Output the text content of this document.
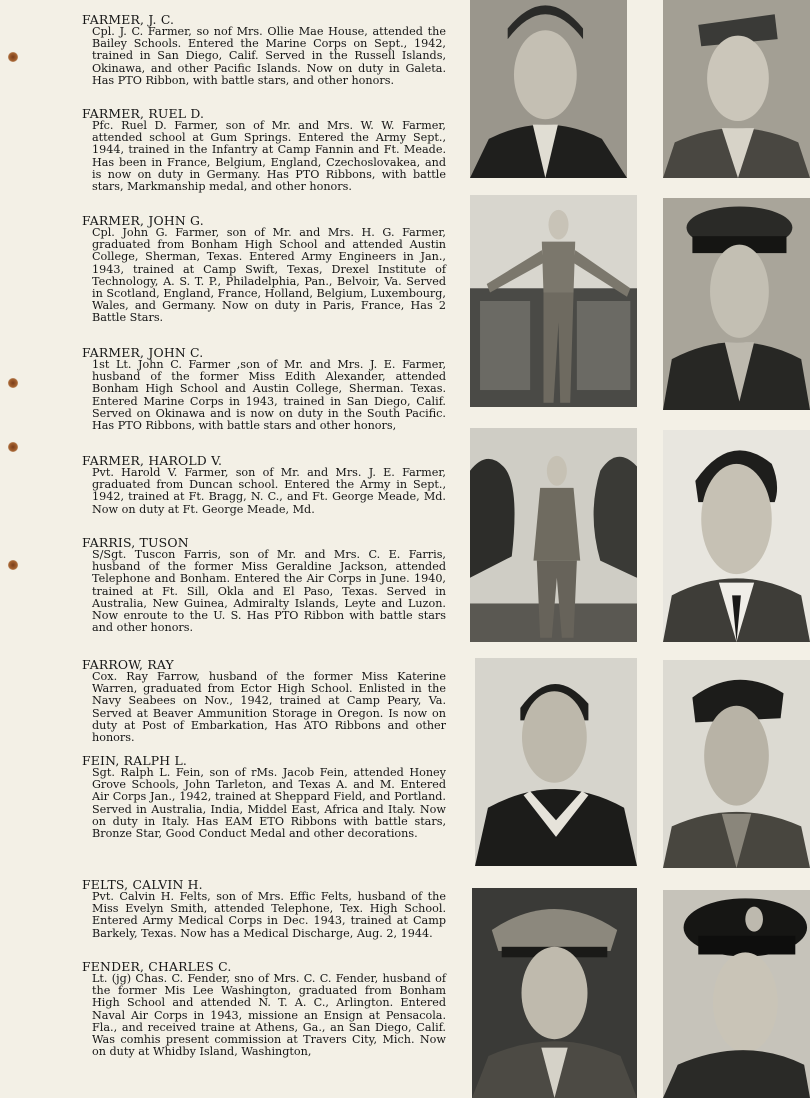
FARMER, J. C.
Cpl. J. C. Farmer, so nof Mrs. Ollie Mae House, attended the Bailey Schools. Entered the Marine Corps on Sept., 1942, trained in San Diego, Calif. Served in the Russell Islands, Okinawa, and other Pacific Islands. Now on duty in Galeta. Has PTO Ribbon, with battle stars, and other honors.
FARMER, RUEL D.
Pfc. Ruel D. Farmer, son of Mr. and Mrs. W. W. Farmer, attended school at Gum Springs. Entered the Army Sept., 1944, trained in the Infantry at Camp Fannin and Ft. Meade. Has been in France, Belgium, England, Czechoslovakea, and is now on duty in Germany. Has PTO Ribbons, with battle stars, Markmanship medal, and other honors.
FARMER, JOHN G.
Cpl. John G. Farmer, son of Mr. and Mrs. H. G. Farmer, graduated from Bonham High School and attended Austin College, Sherman, Texas. Entered Army Engineers in Jan., 1943, trained at Camp Swift, Texas, Drexel Institute of Technology, A. S. T. P., Philadelphia, Pan., Belvoir, Va. Served in Scotland, England, France, Holland, Belgium, Luxembourg, Wales, and Germany. Now on duty in Paris, France, Has 2 Battle Stars.
FARMER, JOHN C.
1st Lt. John C. Farmer ,son of Mr. and Mrs. J. E. Farmer, husband of the former Miss Edith Alexander, attended Bonham High School and Austin College, Sherman. Texas. Entered Marine Corps in 1943, trained in San Diego, Calif. Served on Okinawa and is now on duty in the South Pacific. Has PTO Ribbons, with battle stars and other honors,
FARMER, HAROLD V.
Pvt. Harold V. Farmer, son of Mr. and Mrs. J. E. Farmer, graduated from Duncan school. Entered the Army in Sept., 1942, trained at Ft. Bragg, N. C., and Ft. George Meade, Md. Now on duty at Ft. George Meade, Md.
FARRIS, TUSON
S/Sgt. Tuscon Farris, son of Mr. and Mrs. C. E. Farris, husband of the former Miss Geraldine Jackson, attended Telephone and Bonham. Entered the Air Corps in June. 1940, trained at Ft. Sill, Okla and El Paso, Texas. Served in Australia, New Guinea, Admiralty Islands, Leyte and Luzon. Now enroute to the U. S. Has PTO Ribbon with battle stars and other honors.
FARROW, RAY
Cox. Ray Farrow, husband of the former Miss Katerine Warren, graduated from Ector High School. Enlisted in the Navy Seabees on Nov., 1942, trained at Camp Peary, Va. Served at Beaver Ammunition Storage in Oregon. Is now on duty at Post of Embarkation, Has ATO Ribbons and other honors.
FEIN, RALPH L.
Sgt. Ralph L. Fein, son of rMs. Jacob Fein, attended Honey Grove Schools, John Tarleton, and Texas A. and M. Entered Air Corps Jan., 1942, trained at Sheppard Field, and Portland. Served in Australia, India, Middel East, Africa and Italy. Now on duty in Italy. Has EAM ETO Ribbons with battle stars, Bronze Star, Good Conduct Medal and other decorations.
FELTS, CALVIN H.
Pvt. Calvin H. Felts, son of Mrs. Effic Felts, husband of the Miss Evelyn Smith, attended Telephone, Tex. High School. Entered Army Medical Corps in Dec. 1943, trained at Camp Barkely, Texas. Now has a Medical Discharge, Aug. 2, 1944.
FENDER, CHARLES C.
Lt. (jg) Chas. C. Fender, sno of Mrs. C. C. Fender, husband of the former Mis Lee Washington, graduated from Bonham High School and attended N. T. A. C., Arlington. Entered Naval Air Corps in 1943, missione an Ensign at Pensacola. Fla., and received traine at Athens, Ga., an San Diego, Calif. Was comhis present commission at Travers City, Mich. Now on duty at Whidby Island, Washington,
